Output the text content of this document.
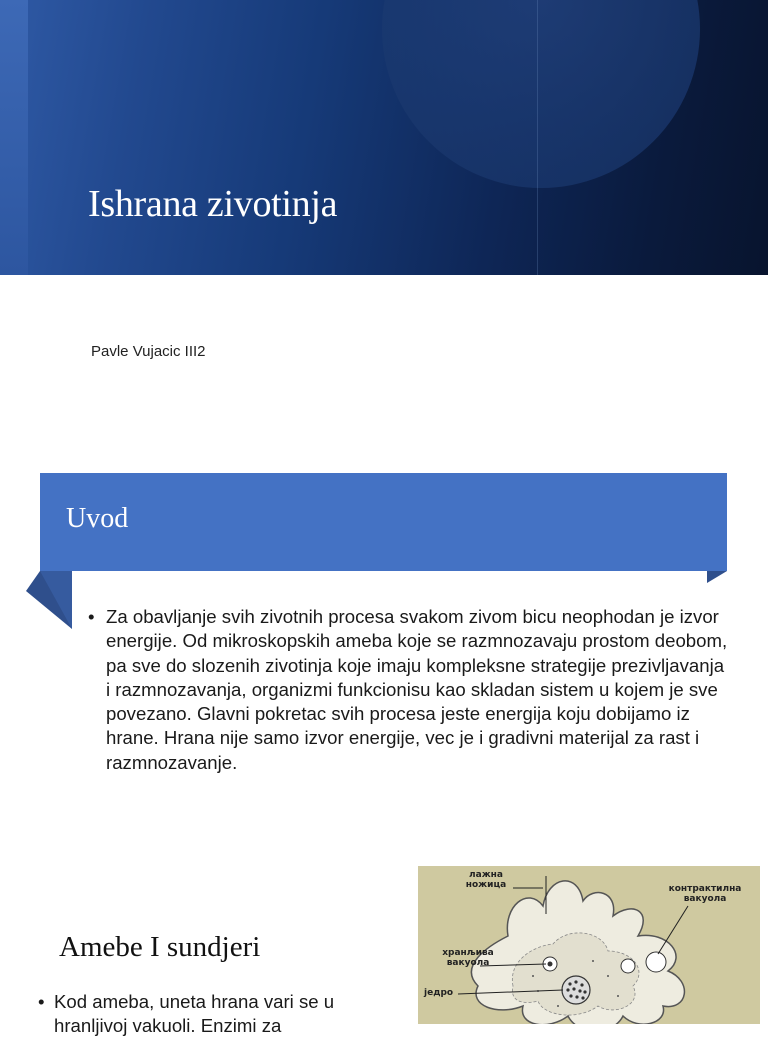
Ishrana zivotinja
Pavle Vujacic III2
Uvod
• Za obavljanje svih zivotnih procesa svakom zivom bicu neophodan je izvor energije. Od mikroskopskih ameba koje se razmnozavaju prostom deobom, pa sve do slozenih zivotinja koje imaju kompleksne strategije prezivljavanja i razmnozavanja, organizmi funkcionisu kao skladan sistem u kojem je sve povezano. Glavni pokretac svih procesa jeste energija koju dobijamo iz hrane. Hrana nije samo izvor energije, vec je i gradivni materijal za rast i razmnozavanje.
Amebe I sundjeri
• Kod ameba, uneta hrana vari se u hranljivoj vakuoli. Enzimi za
лажна ножица	контрактилна вакуола
хранљива вакуола
једро
